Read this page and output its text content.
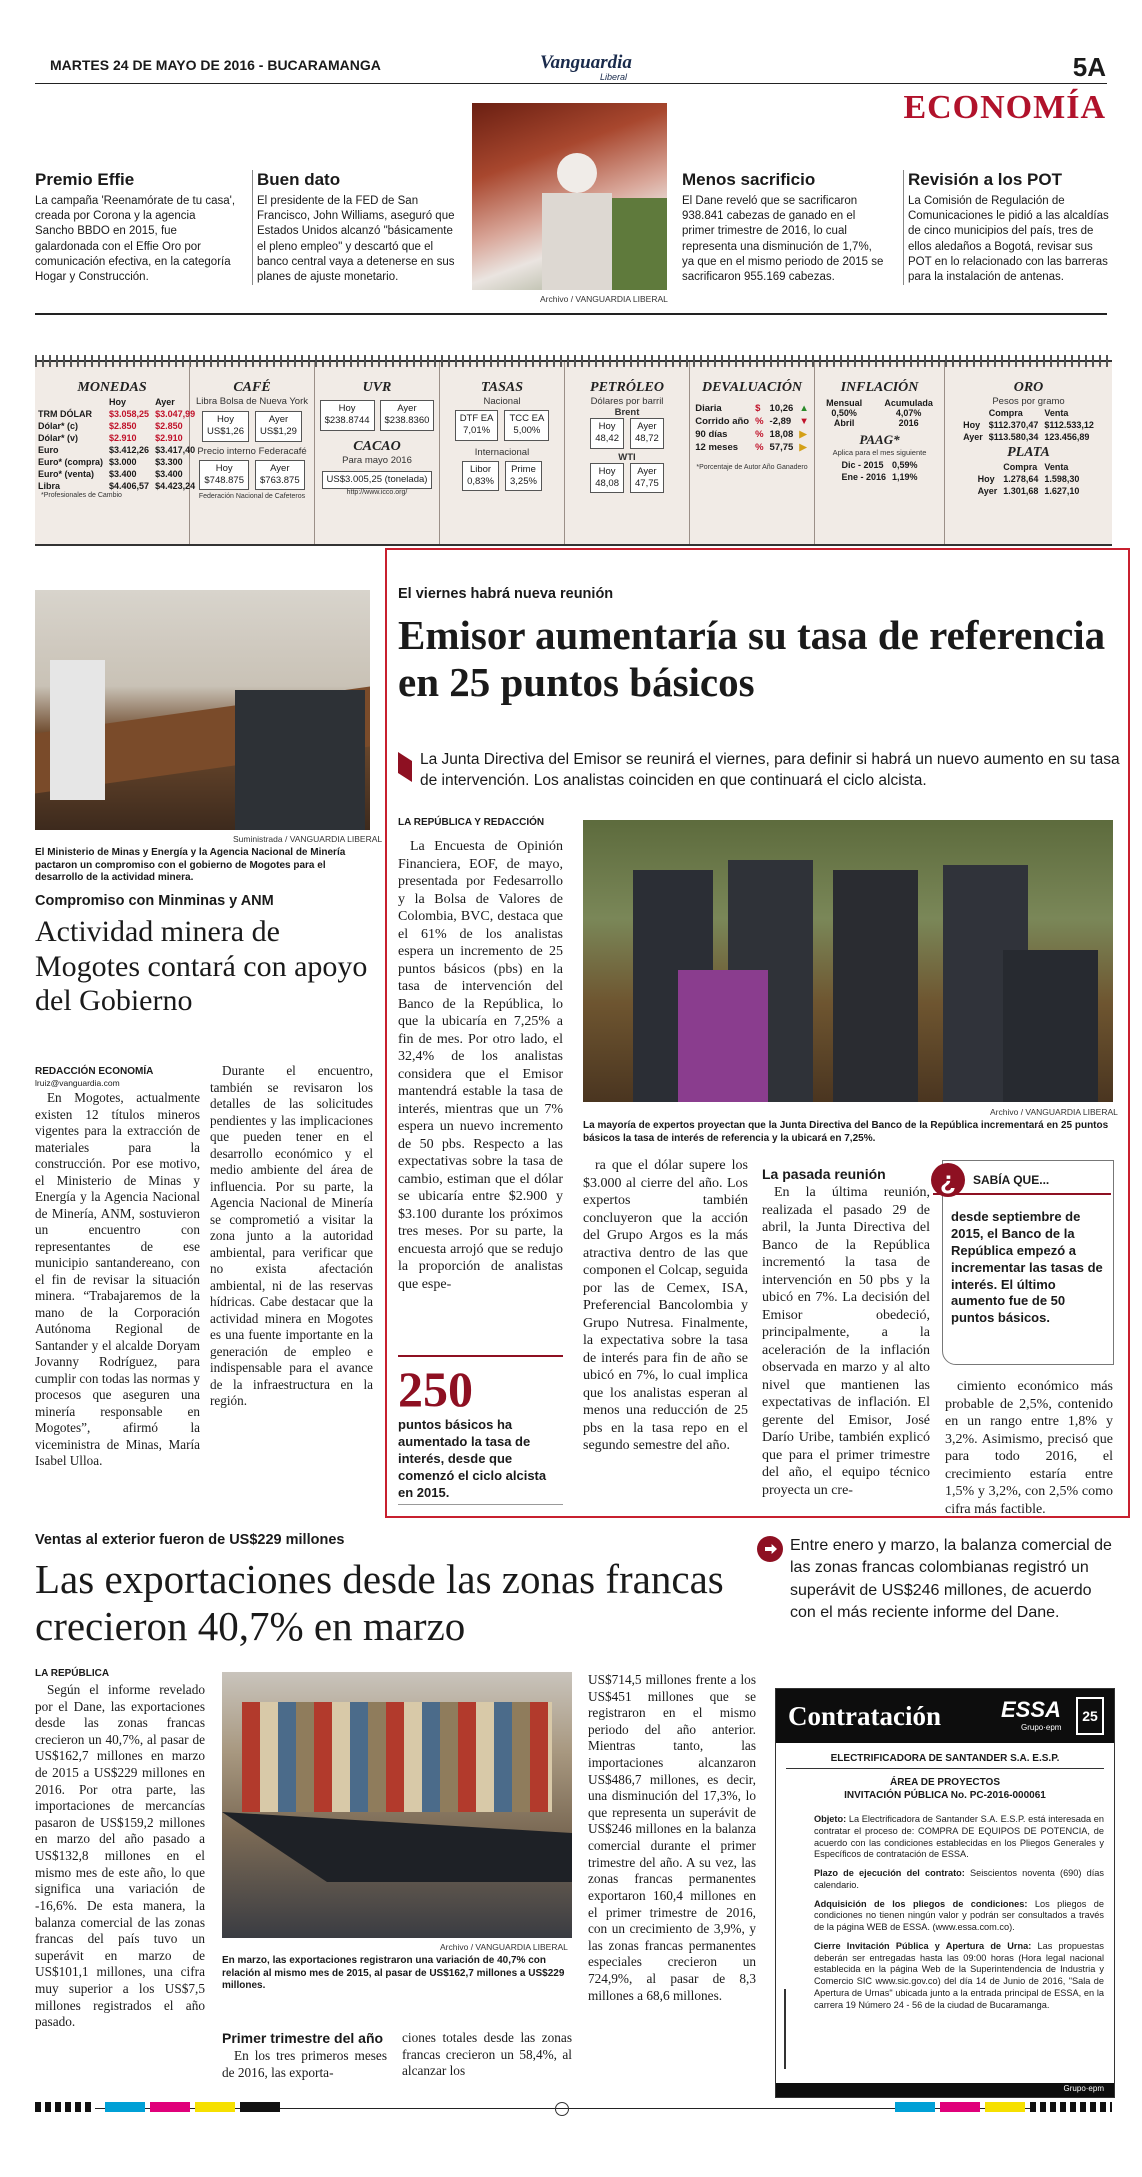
MARTES 24 DE MAYO DE 2016 - BUCARAMANGA	Vanguardia
Liberal	5A
ECONOMÍA
Premio Effie
La campaña 'Reenamórate de tu casa', creada por Corona y la agencia Sancho BBDO en 2015, fue galardonada con el Effie Oro por comunicación efectiva, en la categoría Hogar y Construcción.
Buen dato
El presidente de la FED de San Francisco, John Williams, aseguró que Estados Unidos alcanzó "básicamente el pleno empleo" y descartó que el banco central vaya a detenerse en sus planes de ajuste monetario.
Archivo / VANGUARDIA LIBERAL
Menos sacrificio
El Dane reveló que se sacrificaron 938.841 cabezas de ganado en el primer trimestre de 2016, lo cual representa una disminución de 1,7%, ya que en el mismo periodo de 2015 se sacrificaron 955.169 cabezas.
Revisión a los POT
La Comisión de Regulación de Comunicaciones le pidió a las alcaldías de cinco municipios del país, tres de ellos aledaños a Bogotá, revisar sus POT en lo relacionado con las barreras para la instalación de antenas.
MONEDAS
	Hoy	Ayer
TRM DÓLAR	$3.058,25	$3.047,99
Dólar* (c)	$2.850	$2.850
Dólar* (v)	$2.910	$2.910
Euro	$3.412,26	$3.417,40
Euro* (compra)	$3.000	$3.300
Euro* (venta)	$3.400	$3.400
Libra	$4.406,57	$4.423,24
*Profesionales de Cambio
CAFÉ
Libra Bolsa de Nueva York
Hoy
US$1,26
Ayer
US$1,29
Precio interno Federacafé
Hoy
$748.875
Ayer
$763.875
Federación Nacional de Cafeteros
UVR
Hoy
$238.8744
Ayer
$238.8360
CACAO
Para mayo 2016
US$3.005,25 (tonelada)
http://www.icco.org/
TASAS
Nacional
DTF EA
7,01%
TCC EA
5,00%
Internacional
Libor
0,83%
Prime
3,25%
PETRÓLEO
Dólares por barril
Brent
Hoy
48,42
Ayer
48,72
WTI
Hoy
48,08
Ayer
47,75
DEVALUACIÓN
Diaria	$	10,26	▲
Corrido año	%	-2,89	▼
90 días	%	18,08	▶
12 meses	%	57,75	▶
*Porcentaje de Autor Año Ganadero
INFLACIÓN
Mensual
0,50%
Abril
Acumulada
4,07%
2016
PAAG*
Aplica para el mes siguiente
Dic - 2015	0,59%
Ene - 2016	1,19%
ORO
Pesos por gramo
	Compra	Venta
Hoy	$112.370,47	$112.533,12
Ayer	$113.580,34	123.456,89
PLATA
	Compra	Venta
Hoy	1.278,64	1.598,30
Ayer	1.301,68	1.627,10
Suministrada / VANGUARDIA LIBERAL
El Ministerio de Minas y Energía y la Agencia Nacional de Minería pactaron un compromiso con el gobierno de Mogotes para el desarrollo de la actividad minera.
Compromiso con Minminas y ANM
Actividad minera de Mogotes contará con apoyo del Gobierno
REDACCIÓN ECONOMÍA
lruiz@vanguardia.com

En Mogotes, actualmente existen 12 títulos mineros vigentes para la extracción de materiales para la construcción. Por ese motivo, el Ministerio de Minas y Energía y la Agencia Nacional de Minería, ANM, sostuvieron un encuentro con representantes de ese municipio santandereano, con el fin de revisar la situación minera. “Trabajaremos de la mano de la Corporación Autónoma Regional de Santander y el alcalde Doryam Jovanny Rodríguez, para cumplir con todas las normas y procesos que aseguren una minería responsable en Mogotes”, afirmó la viceministra de Minas, María Isabel Ulloa.

Durante el encuentro, también se revisaron los detalles de las solicitudes pendientes y las implicaciones que pueden tener en el desarrollo económico y el medio ambiente del área de influencia. Por su parte, la Agencia Nacional de Minería se comprometió a visitar la zona junto a la autoridad ambiental, para verificar que no exista afectación ambiental, ni de las reservas hídricas. Cabe destacar que la actividad minera en Mogotes es una fuente importante en la generación de empleo e indispensable para el avance de la infraestructura en la región.

El viernes habrá nueva reunión
Emisor aumentaría su tasa de referencia en 25 puntos básicos
La Junta Directiva del Emisor se reunirá el viernes, para definir si habrá un nuevo aumento en su tasa de intervención. Los analistas coinciden en que continuará el ciclo alcista.
LA REPÚBLICA Y REDACCIÓN

La Encuesta de Opinión Financiera, EOF, de mayo, presentada por Fedesarrollo y la Bolsa de Valores de Colombia, BVC, destaca que el 61% de los analistas espera un incremento de 25 puntos básicos (pbs) en la tasa de intervención del Banco de la República, lo que la ubicaría en 7,25% a fin de mes. Por otro lado, el 32,4% de los analistas considera que el Emisor mantendrá estable la tasa de interés, mientras que un 7% espera un nuevo incremento de 50 pbs. Respecto a las expectativas sobre la tasa de cambio, estiman que el dólar se ubicaría entre $2.900 y $3.100 durante los próximos tres meses. Por su parte, la encuesta arrojó que se redujo la proporción de analistas que espe-

Archivo / VANGUARDIA LIBERAL
La mayoría de expertos proyectan que la Junta Directiva del Banco de la República incrementará en 25 puntos básicos la tasa de interés de referencia y la ubicará en 7,25%.

ra que el dólar supere los $3.000 al cierre del año. Los expertos también concluyeron que la acción del Grupo Argos es la más atractiva dentro de las que componen el Colcap, seguida por las de Cemex, ISA, Preferencial Bancolombia y Grupo Nutresa. Finalmente, la expectativa sobre la tasa de interés para fin de año se ubicó en 7%, lo cual implica que los analistas esperan al menos una reducción de 25 pbs en la tasa repo en el segundo semestre del año.

La pasada reunión

En la última reunión, realizada el pasado 29 de abril, la Junta Directiva del Banco de la República incrementó la tasa de intervención en 50 pbs y la ubicó en 7%. La decisión del Emisor obedeció, principalmente, a la aceleración de la inflación observada en marzo y al alto nivel que mantienen las expectativas de inflación. El gerente del Emisor, José Darío Uribe, también explicó que para el primer trimestre del año, el equipo técnico proyecta un cre-

250
puntos básicos ha aumentado la tasa de interés, desde que comenzó el ciclo alcista en 2015.
¿	SABÍA QUE...
desde septiembre de 2015, el Banco de la República empezó a incrementar las tasas de interés. El último aumento fue de 50 puntos básicos.

cimiento económico más probable de 2,5%, contenido en un rango entre 1,8% y 3,2%. Asimismo, precisó que para todo 2016, el crecimiento estaría entre 1,5% y 3,2%, con 2,5% como cifra más factible.

Ventas al exterior fueron de US$229 millones
Las exportaciones desde las zonas francas crecieron 40,7% en marzo
Entre enero y marzo, la balanza comercial de las zonas francas colombianas registró un superávit de US$246 millones, de acuerdo con el más reciente informe del Dane.
LA REPÚBLICA

Según el informe revelado por el Dane, las exportaciones desde las zonas francas crecieron un 40,7%, al pasar de US$162,7 millones en marzo de 2015 a US$229 millones en 2016. Por otra parte, las importaciones de mercancías pasaron de US$159,2 millones en marzo del año pasado a US$132,8 millones en el mismo mes de este año, lo que significa una variación de -16,6%. De esta manera, la balanza comercial de las zonas francas del país tuvo un superávit en marzo de US$101,1 millones, una cifra muy superior a los US$7,5 millones registrados el año pasado.

Archivo / VANGUARDIA LIBERAL
En marzo, las exportaciones registraron una variación de 40,7% con relación al mismo mes de 2015, al pasar de US$162,7 millones a US$229 millones.
Primer trimestre del año

En los tres primeros meses de 2016, las exporta-

ciones totales desde las zonas francas crecieron un 58,4%, al alcanzar los

US$714,5 millones frente a los US$451 millones que se registraron en el mismo periodo del año anterior. Mientras tanto, las importaciones alcanzaron US$486,7 millones, es decir, una disminución del 17,3%, lo que representa un superávit de US$246 millones en la balanza comercial durante el primer trimestre del año. A su vez, las zonas francas permanentes exportaron 160,4 millones en el primer trimestre de 2016, con un crecimiento de 3,9%, y las zonas francas permanentes especiales crecieron un 724,9%, al pasar de 8,3 millones a 68,6 millones.

Contratación	ESSA
Grupo·epm
25
ELECTRIFICADORA DE SANTANDER S.A. E.S.P.
ÁREA DE PROYECTOS
INVITACIÓN PÚBLICA No. PC-2016-000061

Objeto: La Electrificadora de Santander S.A. E.S.P. está interesada en contratar el proceso de: COMPRA DE EQUIPOS DE POTENCIA, de acuerdo con las condiciones establecidas en los Pliegos Generales y Específicos de contratación de ESSA.

Plazo de ejecución del contrato: Seiscientos noventa (690) días calendario.

Adquisición de los pliegos de condiciones: Los pliegos de condiciones no tienen ningún valor y podrán ser consultados a través de la página WEB de ESSA. (www.essa.com.co).

Cierre Invitación Pública y Apertura de Urna: Las propuestas deberán ser entregadas hasta las 09:00 horas (Hora legal nacional establecida en la página Web de la Superintendencia de Industria y Comercio SIC www.sic.gov.co) del día 14 de Junio de 2016, "Sala de Apertura de Urnas" ubicada junto a la entrada principal de ESSA, en la carrera 19 Número 24 - 56 de la ciudad de Bucaramanga.

Grupo·epm
